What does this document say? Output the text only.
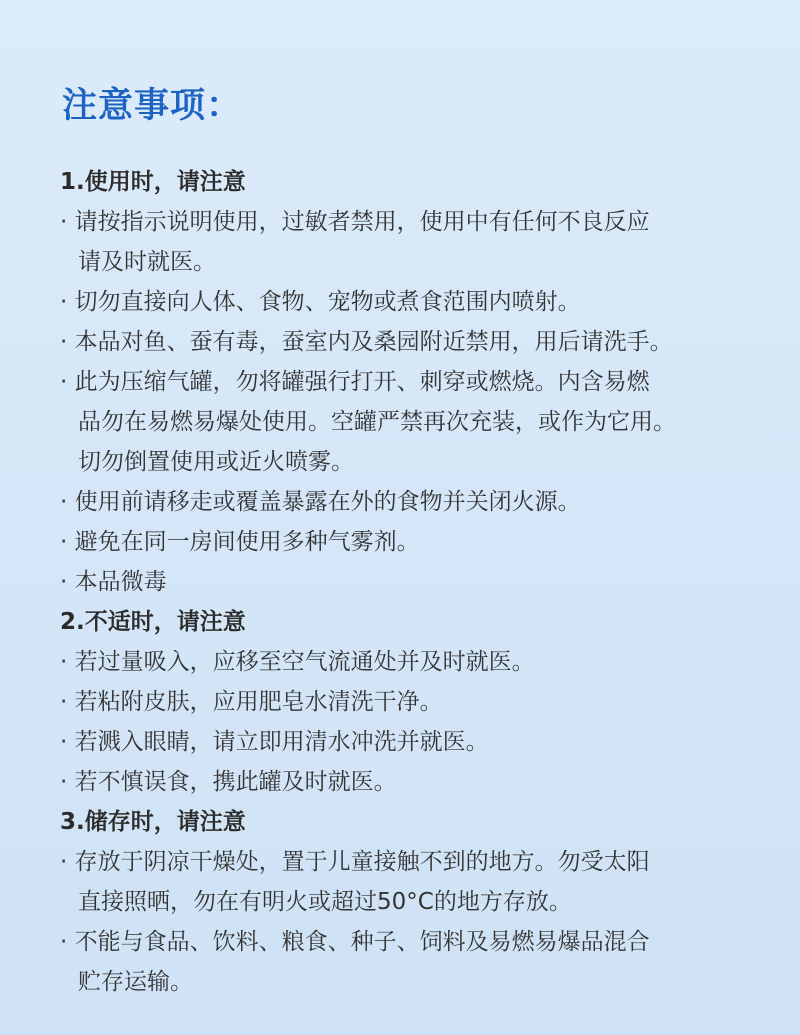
注意事项：
1.使用时，请注意
· 请按指示说明使用，过敏者禁用，使用中有任何不良反应
请及时就医。
· 切勿直接向人体、食物、宠物或煮食范围内喷射。
· 本品对鱼、蚕有毒，蚕室内及桑园附近禁用，用后请洗手。
· 此为压缩气罐，勿将罐强行打开、刺穿或燃烧。内含易燃
品勿在易燃易爆处使用。空罐严禁再次充装，或作为它用。
切勿倒置使用或近火喷雾。
· 使用前请移走或覆盖暴露在外的食物并关闭火源。
· 避免在同一房间使用多种气雾剂。
· 本品微毒
2.不适时，请注意
· 若过量吸入，应移至空气流通处并及时就医。
· 若粘附皮肤，应用肥皂水清洗干净。
· 若溅入眼睛，请立即用清水冲洗并就医。
· 若不慎误食，携此罐及时就医。
3.储存时，请注意
· 存放于阴凉干燥处，置于儿童接触不到的地方。勿受太阳
直接照晒，勿在有明火或超过50°C的地方存放。
· 不能与食品、饮料、粮食、种子、饲料及易燃易爆品混合
贮存运输。
